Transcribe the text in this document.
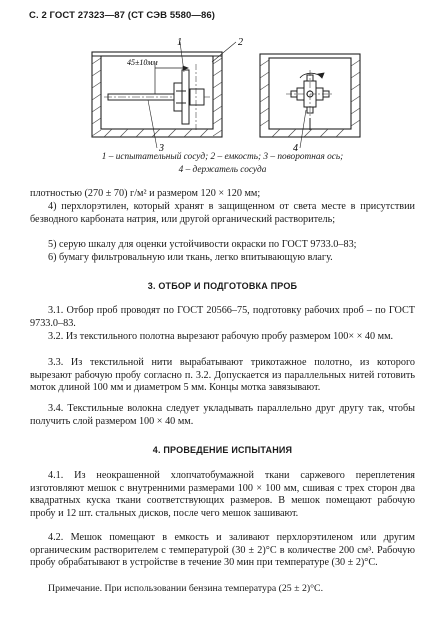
С. 2 ГОСТ 27323—87 (СТ СЭВ 5580—86)
45±10мм
1	2
3	4
1 – испытательный сосуд; 2 – емкость; 3 – поворотная ось;
4 – держатель сосуда
плотностью (270 ± 70) г/м² и размером 120 × 120 мм;
4) перхлорэтилен, который хранят в защищенном от света месте в присутствии безводного карбоната натрия, или другой органический растворитель;
5) серую шкалу для оценки устойчивости окраски по ГОСТ 9733.0–83;
6) бумагу фильтровальную или ткань, легко впитывающую влагу.
3. ОТБОР И ПОДГОТОВКА ПРОБ
3.1. Отбор проб проводят по ГОСТ 20566–75, подготовку рабочих проб – по ГОСТ 9733.0–83.
3.2. Из текстильного полотна вырезают рабочую пробу размером 100× × 40 мм.
3.3. Из текстильной нити вырабатывают трикотажное полотно, из которого вырезают рабочую пробу согласно п. 3.2. Допускается из параллельных нитей готовить моток длиной 100 мм и диаметром 5 мм. Концы мотка завязывают.
3.4. Текстильные волокна следует укладывать параллельно друг другу так, чтобы получить слой размером 100 × 40 мм.
4. ПРОВЕДЕНИЕ ИСПЫТАНИЯ
4.1. Из неокрашенной хлопчатобумажной ткани саржевого переплетения изготовляют мешок с внутренними размерами 100 × 100 мм, сшивая с трех сторон два квадратных куска ткани соответствующих размеров. В мешок помещают рабочую пробу и 12 шт. стальных дисков, после чего мешок зашивают.
4.2. Мешок помещают в емкость и заливают перхлорэтиленом или другим органическим растворителем с температурой (30 ± 2)°С в количестве 200 см³. Рабочую пробу обрабатывают в устройстве в течение 30 мин при температуре (30 ± 2)°С.
Примечание. При использовании бензина температура (25 ± 2)°С.
